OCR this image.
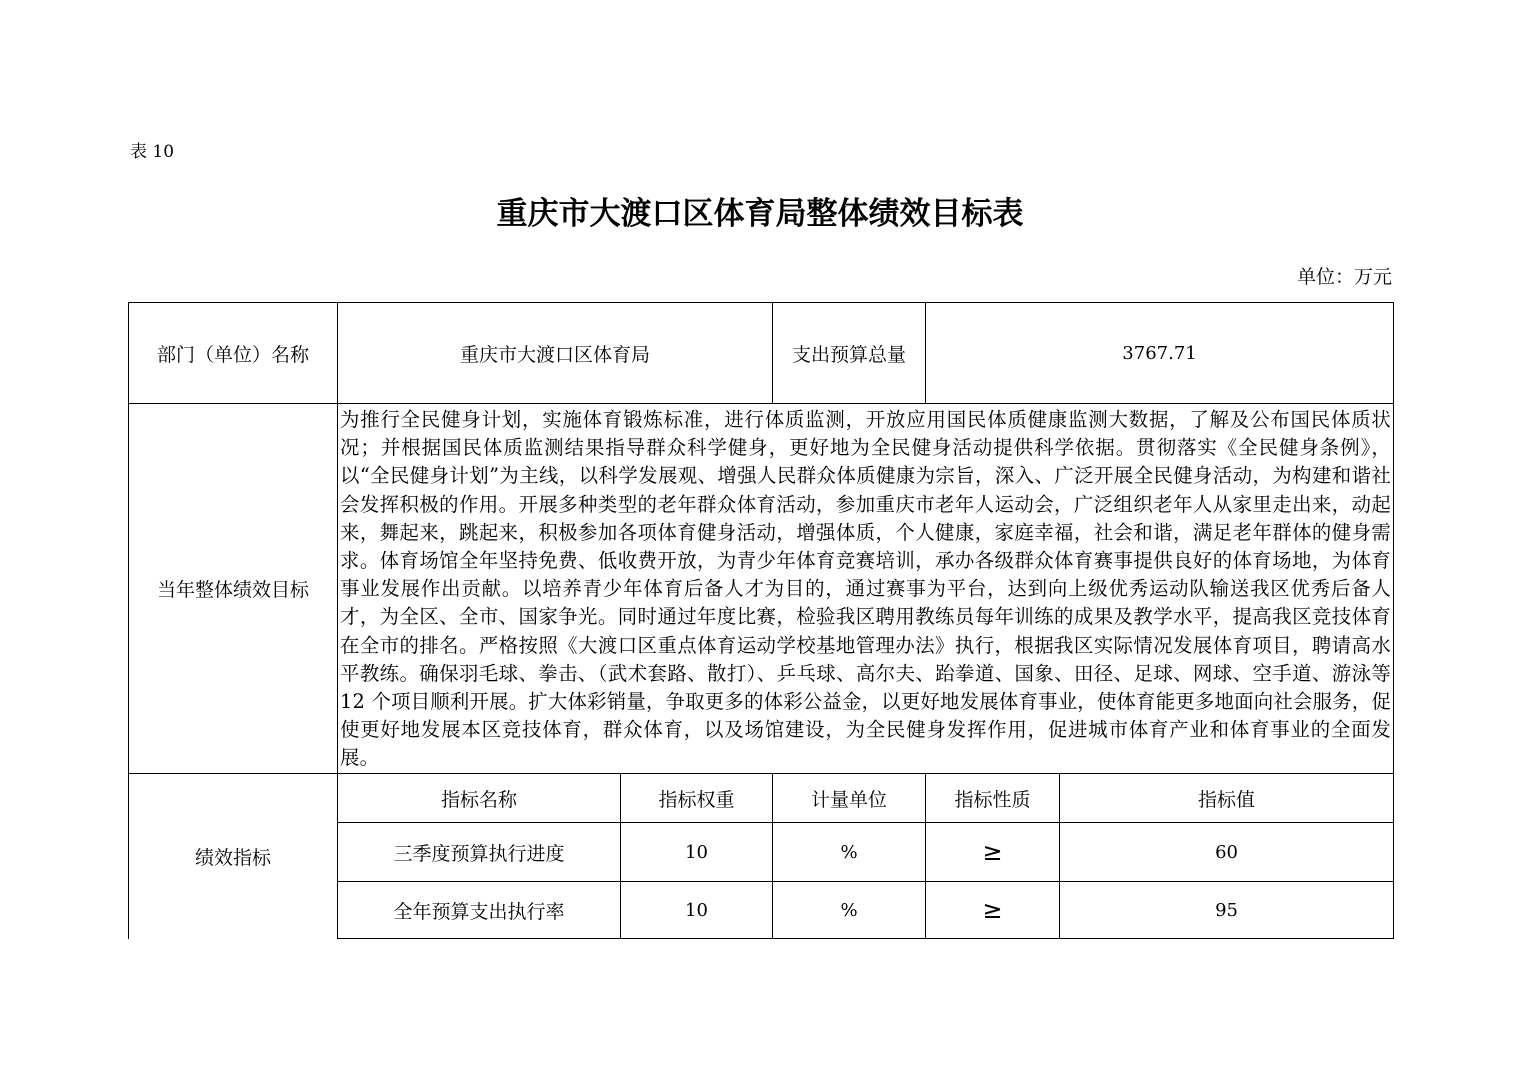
表 10
重庆市大渡口区体育局整体绩效目标表
单位：万元
部门（单位）名称	重庆市大渡口区体育局		支出预算总量	3767.71	
当年整体绩效目标	为推行全民健身计划，实施体育锻炼标准，进行体质监测，开放应用国民体质健康监测大数据，了解及公布国民体质状况；并根据国民体质监测结果指导群众科学健身，更好地为全民健身活动提供科学依据。贯彻落实《全民健身条例》，以“全民健身计划”为主线，以科学发展观、增强人民群众体质健康为宗旨，深入、广泛开展全民健身活动，为构建和谐社会发挥积极的作用。开展多种类型的老年群众体育活动，参加重庆市老年人运动会，广泛组织老年人从家里走出来，动起来，舞起来，跳起来，积极参加各项体育健身活动，增强体质，个人健康，家庭幸福，社会和谐，满足老年群体的健身需求。体育场馆全年坚持免费、低收费开放，为青少年体育竞赛培训，承办各级群众体育赛事提供良好的体育场地，为体育事业发展作出贡献。以培养青少年体育后备人才为目的，通过赛事为平台，达到向上级优秀运动队输送我区优秀后备人才，为全区、全市、国家争光。同时通过年度比赛，检验我区聘用教练员每年训练的成果及教学水平，提高我区竞技体育在全市的排名。严格按照《大渡口区重点体育运动学校基地管理办法》执行，根据我区实际情况发展体育项目，聘请高水平教练。确保羽毛球、拳击、（武术套路、散打）、乒乓球、高尔夫、跆拳道、国象、田径、足球、网球、空手道、游泳等 12 个项目顺利开展。扩大体彩销量，争取更多的体彩公益金，以更好地发展体育事业，使体育能更多地面向社会服务，促使更好地发展本区竞技体育，群众体育，以及场馆建设，为全民健身发挥作用，促进城市体育产业和体育事业的全面发展。				
绩效指标	指标名称	指标权重	计量单位	指标性质	指标值
	三季度预算执行进度	10	%	≥	60
	全年预算支出执行率	10	%	≥	95
